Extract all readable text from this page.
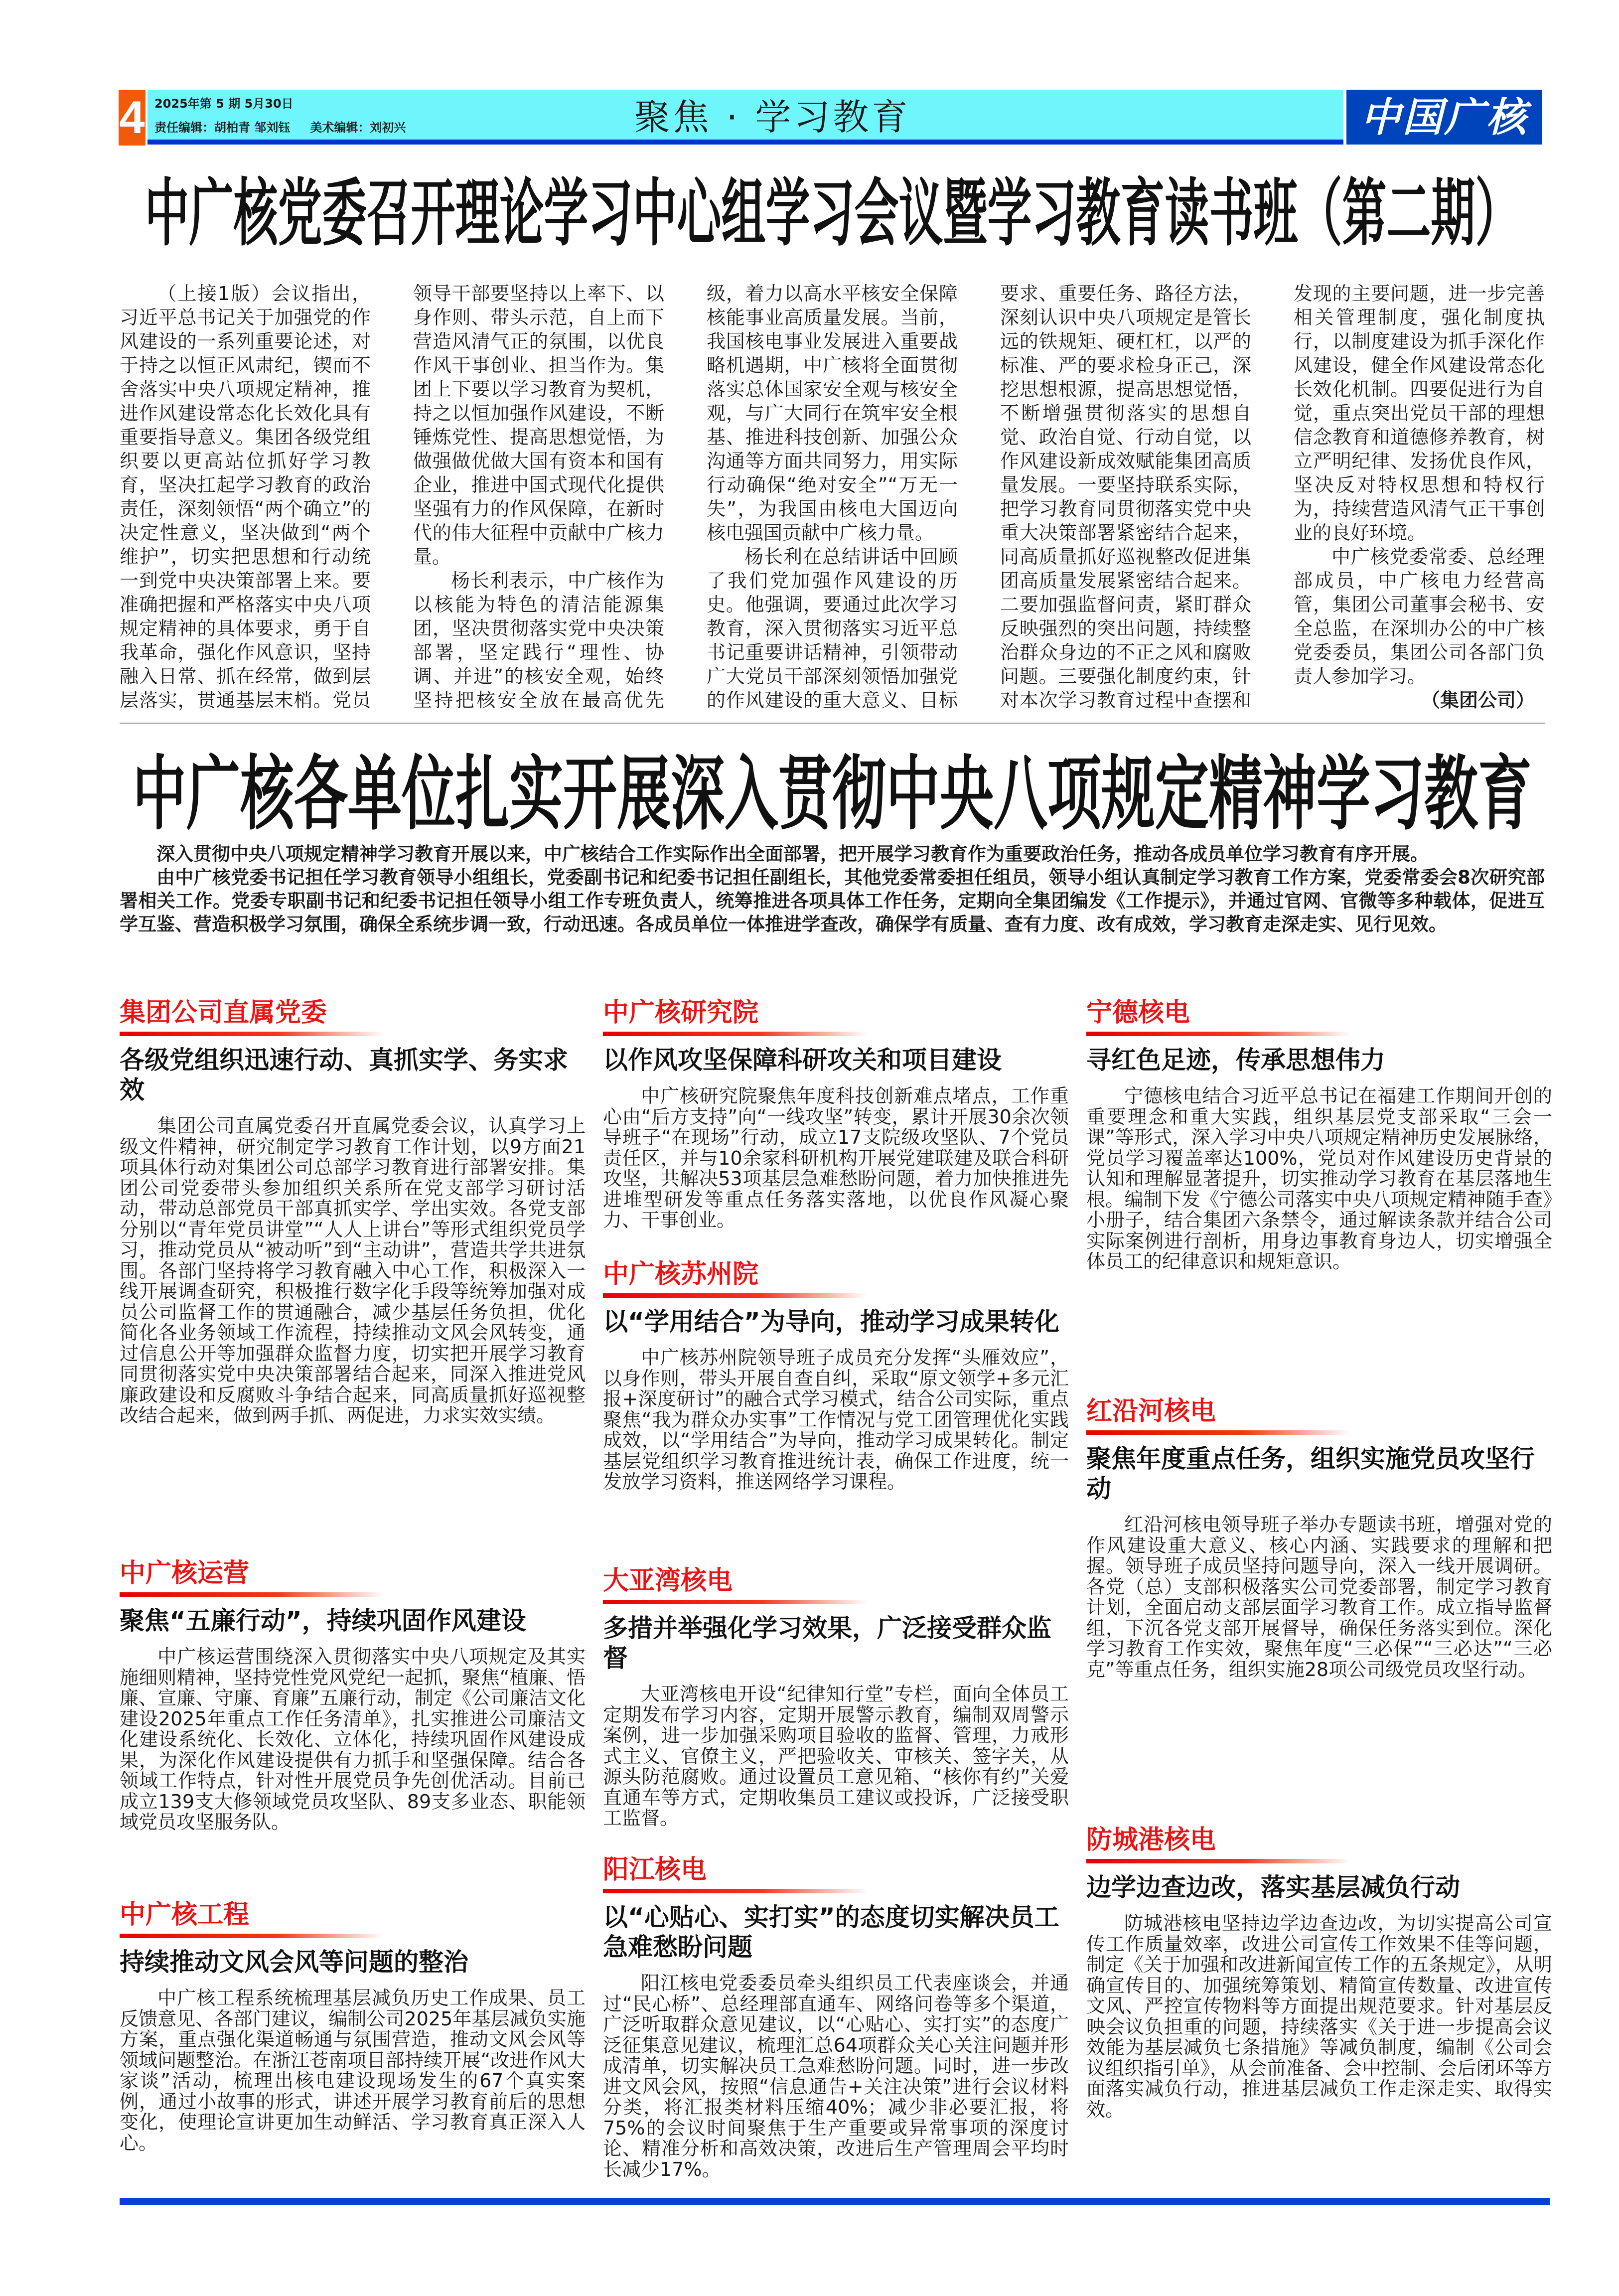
4 2025年第 5 期 5月30日
责任编辑：胡柏青 邹刘钰 美术编辑：刘初兴	聚焦 · 学习教育	中国广核
中广核党委召开理论学习中心组学习会议暨学习教育读书班（第二期）

（上接1版）会议指出，习近平总书记关于加强党的作风建设的一系列重要论述，对于持之以恒正风肃纪，锲而不舍落实中央八项规定精神，推进作风建设常态化长效化具有重要指导意义。集团各级党组织要以更高站位抓好学习教育，坚决扛起学习教育的政治责任，深刻领悟“两个确立”的决定性意义，坚决做到“两个维护”，切实把思想和行动统一到党中央决策部署上来。要准确把握和严格落实中央八项规定精神的具体要求，勇于自我革命，强化作风意识，坚持融入日常、抓在经常，做到层层落实，贯通基层末梢。党员领导干部要坚持以上率下、以身作则、带头示范，自上而下营造风清气正的氛围，以优良作风干事创业、担当作为。集团上下要以学习教育为契机，持之以恒加强作风建设，不断锤炼党性、提高思想觉悟，为做强做优做大国有资本和国有企业，推进中国式现代化提供坚强有力的作风保障，在新时代的伟大征程中贡献中广核力量。

杨长利表示，中广核作为以核能为特色的清洁能源集团，坚决贯彻落实党中央决策部署，坚定践行“理性、协调、并进”的核安全观，始终坚持把核安全放在最高优先级，着力以高水平核安全保障核能事业高质量发展。当前，我国核电事业发展进入重要战略机遇期，中广核将全面贯彻落实总体国家安全观与核安全观，与广大同行在筑牢安全根基、推进科技创新、加强公众沟通等方面共同努力，用实际行动确保“绝对安全”“万无一失”，为我国由核电大国迈向核电强国贡献中广核力量。

杨长利在总结讲话中回顾了我们党加强作风建设的历史。他强调，要通过此次学习教育，深入贯彻落实习近平总书记重要讲话精神，引领带动广大党员干部深刻领悟加强党的作风建设的重大意义、目标要求、重要任务、路径方法，深刻认识中央八项规定是管长远的铁规矩、硬杠杠，以严的标准、严的要求检身正己，深挖思想根源，提高思想觉悟，不断增强贯彻落实的思想自觉、政治自觉、行动自觉，以作风建设新成效赋能集团高质量发展。一要坚持联系实际，把学习教育同贯彻落实党中央重大决策部署紧密结合起来，同高质量抓好巡视整改促进集团高质量发展紧密结合起来。二要加强监督问责，紧盯群众反映强烈的突出问题，持续整治群众身边的不正之风和腐败问题。三要强化制度约束，针对本次学习教育过程中查摆和发现的主要问题，进一步完善相关管理制度，强化制度执行，以制度建设为抓手深化作风建设，健全作风建设常态化长效化机制。四要促进行为自觉，重点突出党员干部的理想信念教育和道德修养教育，树立严明纪律、发扬优良作风，坚决反对特权思想和特权行为，持续营造风清气正干事创业的良好环境。

中广核党委常委、总经理部成员，中广核电力经营高管，集团公司董事会秘书、安全总监，在深圳办公的中广核党委委员，集团公司各部门负责人参加学习。

（集团公司）

中广核各单位扎实开展深入贯彻中央八项规定精神学习教育

深入贯彻中央八项规定精神学习教育开展以来，中广核结合工作实际作出全面部署，把开展学习教育作为重要政治任务，推动各成员单位学习教育有序开展。

由中广核党委书记担任学习教育领导小组组长，党委副书记和纪委书记担任副组长，其他党委常委担任组员，领导小组认真制定学习教育工作方案，党委常委会8次研究部署相关工作。党委专职副书记和纪委书记担任领导小组工作专班负责人，统筹推进各项具体工作任务，定期向全集团编发《工作提示》，并通过官网、官微等多种载体，促进互学互鉴、营造积极学习氛围，确保全系统步调一致，行动迅速。各成员单位一体推进学查改，确保学有质量、查有力度、改有成效，学习教育走深走实、见行见效。

集团公司直属党委
各级党组织迅速行动、真抓实学、务实求效

集团公司直属党委召开直属党委会议，认真学习上级文件精神，研究制定学习教育工作计划，以9方面21项具体行动对集团公司总部学习教育进行部署安排。集团公司党委带头参加组织关系所在党支部学习研讨活动，带动总部党员干部真抓实学、学出实效。各党支部分别以“青年党员讲堂”“人人上讲台”等形式组织党员学习，推动党员从“被动听”到“主动讲”，营造共学共进氛围。各部门坚持将学习教育融入中心工作，积极深入一线开展调查研究，积极推行数字化手段等统筹加强对成员公司监督工作的贯通融合，减少基层任务负担，优化简化各业务领域工作流程，持续推动文风会风转变，通过信息公开等加强群众监督力度，切实把开展学习教育同贯彻落实党中央决策部署结合起来，同深入推进党风廉政建设和反腐败斗争结合起来，同高质量抓好巡视整改结合起来，做到两手抓、两促进，力求实效实绩。

中广核运营
聚焦“五廉行动”，持续巩固作风建设

中广核运营围绕深入贯彻落实中央八项规定及其实施细则精神，坚持党性党风党纪一起抓，聚焦“植廉、悟廉、宣廉、守廉、育廉”五廉行动，制定《公司廉洁文化建设2025年重点工作任务清单》，扎实推进公司廉洁文化建设系统化、长效化、立体化，持续巩固作风建设成果，为深化作风建设提供有力抓手和坚强保障。结合各领域工作特点，针对性开展党员争先创优活动。目前已成立139支大修领域党员攻坚队、89支多业态、职能领域党员攻坚服务队。

中广核工程
持续推动文风会风等问题的整治

中广核工程系统梳理基层减负历史工作成果、员工反馈意见、各部门建议，编制公司2025年基层减负实施方案，重点强化渠道畅通与氛围营造，推动文风会风等领域问题整治。在浙江苍南项目部持续开展“改进作风大家谈”活动，梳理出核电建设现场发生的67个真实案例，通过小故事的形式，讲述开展学习教育前后的思想变化，使理论宣讲更加生动鲜活、学习教育真正深入人心。

中广核研究院
以作风攻坚保障科研攻关和项目建设

中广核研究院聚焦年度科技创新难点堵点，工作重心由“后方支持”向“一线攻坚”转变，累计开展30余次领导班子“在现场”行动，成立17支院级攻坚队、7个党员责任区，并与10余家科研机构开展党建联建及联合科研攻坚，共解决53项基层急难愁盼问题，着力加快推进先进堆型研发等重点任务落实落地，以优良作风凝心聚力、干事创业。

中广核苏州院
以“学用结合”为导向，推动学习成果转化

中广核苏州院领导班子成员充分发挥“头雁效应”，以身作则，带头开展自查自纠，采取“原文领学+多元汇报+深度研讨”的融合式学习模式，结合公司实际，重点聚焦“我为群众办实事”工作情况与党工团管理优化实践成效，以“学用结合”为导向，推动学习成果转化。制定基层党组织学习教育推进统计表，确保工作进度，统一发放学习资料，推送网络学习课程。

大亚湾核电
多措并举强化学习效果，广泛接受群众监督

大亚湾核电开设“纪律知行堂”专栏，面向全体员工定期发布学习内容，定期开展警示教育，编制双周警示案例，进一步加强采购项目验收的监督、管理，力戒形式主义、官僚主义，严把验收关、审核关、签字关，从源头防范腐败。通过设置员工意见箱、“核你有约”关爱直通车等方式，定期收集员工建议或投诉，广泛接受职工监督。

阳江核电
以“心贴心、实打实”的态度切实解决员工急难愁盼问题

阳江核电党委委员牵头组织员工代表座谈会，并通过“民心桥”、总经理部直通车、网络问卷等多个渠道，广泛听取群众意见建议，以“心贴心、实打实”的态度广泛征集意见建议，梳理汇总64项群众关心关注问题并形成清单，切实解决员工急难愁盼问题。同时，进一步改进文风会风，按照“信息通告+关注决策”进行会议材料分类，将汇报类材料压缩40%；减少非必要汇报，将75%的会议时间聚焦于生产重要或异常事项的深度讨论、精准分析和高效决策，改进后生产管理周会平均时长减少17%。

宁德核电
寻红色足迹，传承思想伟力

宁德核电结合习近平总书记在福建工作期间开创的重要理念和重大实践，组织基层党支部采取“三会一课”等形式，深入学习中央八项规定精神历史发展脉络，党员学习覆盖率达100%，党员对作风建设历史背景的认知和理解显著提升，切实推动学习教育在基层落地生根。编制下发《宁德公司落实中央八项规定精神随手查》小册子，结合集团六条禁令，通过解读条款并结合公司实际案例进行剖析，用身边事教育身边人，切实增强全体员工的纪律意识和规矩意识。

红沿河核电
聚焦年度重点任务，组织实施党员攻坚行动

红沿河核电领导班子举办专题读书班，增强对党的作风建设重大意义、核心内涵、实践要求的理解和把握。领导班子成员坚持问题导向，深入一线开展调研。各党（总）支部积极落实公司党委部署，制定学习教育计划，全面启动支部层面学习教育工作。成立指导监督组，下沉各党支部开展督导，确保任务落实到位。深化学习教育工作实效，聚焦年度“三必保”“三必达”“三必克”等重点任务，组织实施28项公司级党员攻坚行动。

防城港核电
边学边查边改，落实基层减负行动

防城港核电坚持边学边查边改，为切实提高公司宣传工作质量效率，改进公司宣传工作效果不佳等问题，制定《关于加强和改进新闻宣传工作的五条规定》，从明确宣传目的、加强统筹策划、精简宣传数量、改进宣传文风、严控宣传物料等方面提出规范要求。针对基层反映会议负担重的问题，持续落实《关于进一步提高会议效能为基层减负七条措施》等减负制度，编制《公司会议组织指引单》，从会前准备、会中控制、会后闭环等方面落实减负行动，推进基层减负工作走深走实、取得实效。
